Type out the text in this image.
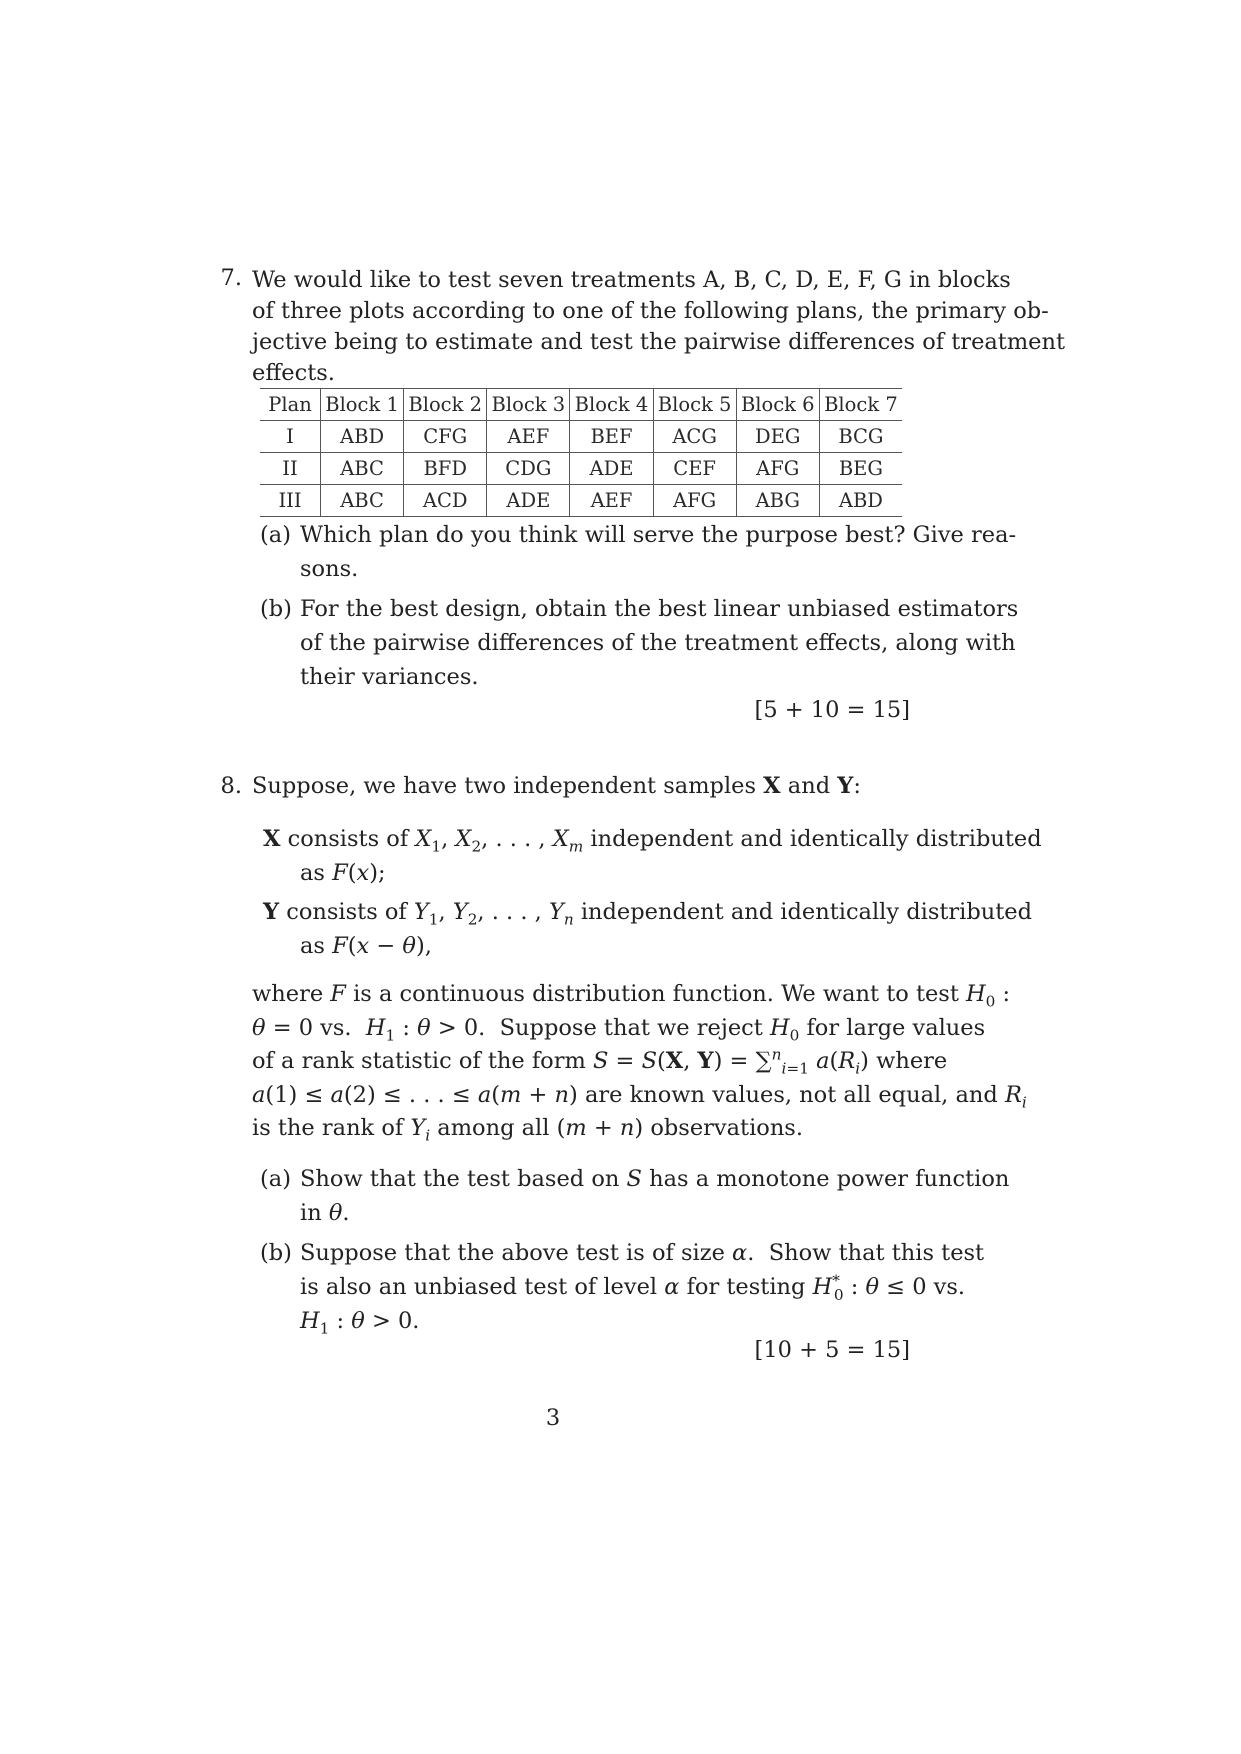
7. We would like to test seven treatments A, B, C, D, E, F, G in blocks
of three plots according to one of the following plans, the primary ob-
jective being to estimate and test the pairwise differences of treatment
effects.
Plan	Block 1	Block 2	Block 3	Block 4	Block 5	Block 6	Block 7
I	ABD	CFG	AEF	BEF	ACG	DEG	BCG
II	ABC	BFD	CDG	ADE	CEF	AFG	BEG
III	ABC	ACD	ADE	AEF	AFG	ABG	ABD
(a) Which plan do you think will serve the purpose best? Give rea-
sons.
(b) For the best design, obtain the best linear unbiased estimators
of the pairwise differences of the treatment effects, along with
their variances.
[5 + 10 = 15]
8. Suppose, we have two independent samples X and Y:
X consists of $X_1$, $X_2$, . . . , $X_m$ independent and identically distributed
as F(x);
Y consists of $Y_1$, $Y_2$, . . . , $Y_n$ independent and identically distributed
as F(x − θ),
where F is a continuous distribution function. We want to test $H_0$ :
θ = 0 vs. $H_1$ : θ > 0.  Suppose that we reject $H_0$ for large values
of a rank statistic of the form S = S(X, Y) = ∑$^n_{i=1}$ $a(R_i)$ where
a(1) ≤ a(2) ≤ . . . ≤ a(m + n) are known values, not all equal, and $R_i$
is the rank of $Y_i$ among all (m + n) observations.
(a) Show that the test based on S has a monotone power function
in θ.
(b) Suppose that the above test is of size α.  Show that this test
is also an unbiased test of level α for testing $H^*_0$ : θ ≤ 0 vs.
$H_1$ : θ > 0.
[10 + 5 = 15]
3
